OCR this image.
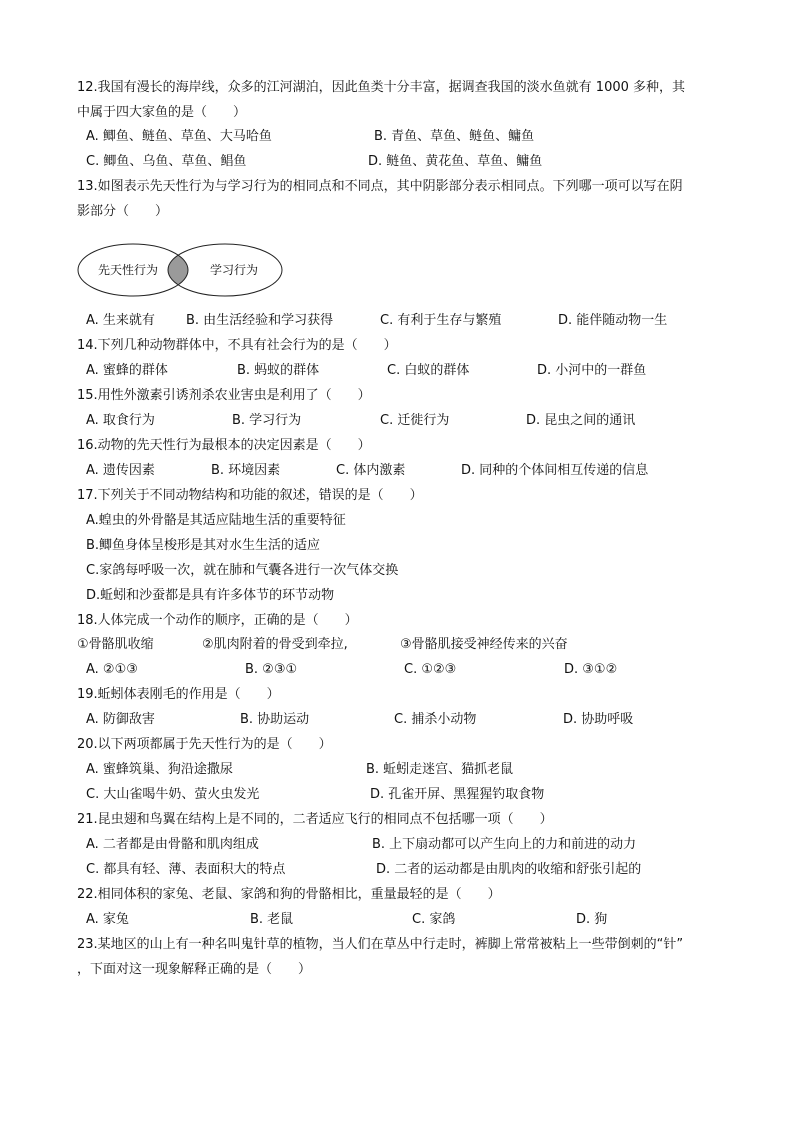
12.我国有漫长的海岸线，众多的江河湖泊，因此鱼类十分丰富，据调查我国的淡水鱼就有 1000 多种，其
中属于四大家鱼的是（　　）
A. 鲫鱼、鲢鱼、草鱼、大马哈鱼	B. 青鱼、草鱼、鲢鱼、鳙鱼
C. 鲫鱼、乌鱼、草鱼、鲳鱼	D. 鲢鱼、黄花鱼、草鱼、鳙鱼
13.如图表示先天性行为与学习行为的相同点和不同点，其中阴影部分表示相同点。下列哪一项可以写在阴
影部分（　　）
先天性行为	学习行为
A. 生来就有 B. 由生活经验和学习获得	C. 有利于生存与繁殖	D. 能伴随动物一生
14.下列几种动物群体中，不具有社会行为的是（　　）
A. 蜜蜂的群体	B. 蚂蚁的群体	C. 白蚁的群体	D. 小河中的一群鱼
15.用性外激素引诱剂杀农业害虫是利用了（　　）
A. 取食行为	B. 学习行为	C. 迁徙行为	D. 昆虫之间的通讯
16.动物的先天性行为最根本的决定因素是（　　）
A. 遗传因素	B. 环境因素	C. 体内激素	D. 同种的个体间相互传递的信息
17.下列关于不同动物结构和功能的叙述，错误的是（　　）
A.蝗虫的外骨骼是其适应陆地生活的重要特征
B.鲫鱼身体呈梭形是其对水生生活的适应
C.家鸽每呼吸一次，就在肺和气囊各进行一次气体交换
D.蚯蚓和沙蚕都是具有许多体节的环节动物
18.人体完成一个动作的顺序，正确的是（　　）
①骨骼肌收缩	②肌肉附着的骨受到牵拉,	③骨骼肌接受神经传来的兴奋
A. ②①③	B. ②③①	C. ①②③	D. ③①②
19.蚯蚓体表刚毛的作用是（　　）
A. 防御敌害	B. 协助运动	C. 捕杀小动物	D. 协助呼吸
20.以下两项都属于先天性行为的是（　　）
A. 蜜蜂筑巢、狗沿途撒尿	B. 蚯蚓走迷宫、猫抓老鼠
C. 大山雀喝牛奶、萤火虫发光	D. 孔雀开屏、黑猩猩钓取食物
21.昆虫翅和鸟翼在结构上是不同的，二者适应飞行的相同点不包括哪一项（　　）
A. 二者都是由骨骼和肌肉组成	B. 上下扇动都可以产生向上的力和前进的动力
C. 都具有轻、薄、表面积大的特点	D. 二者的运动都是由肌肉的收缩和舒张引起的
22.相同体积的家兔、老鼠、家鸽和狗的骨骼相比，重量最轻的是（　　）
A. 家兔	B. 老鼠	C. 家鸽	D. 狗
23.某地区的山上有一种名叫鬼针草的植物，当人们在草丛中行走时，裤脚上常常被粘上一些带倒刺的“针”
，下面对这一现象解释正确的是（　　）
